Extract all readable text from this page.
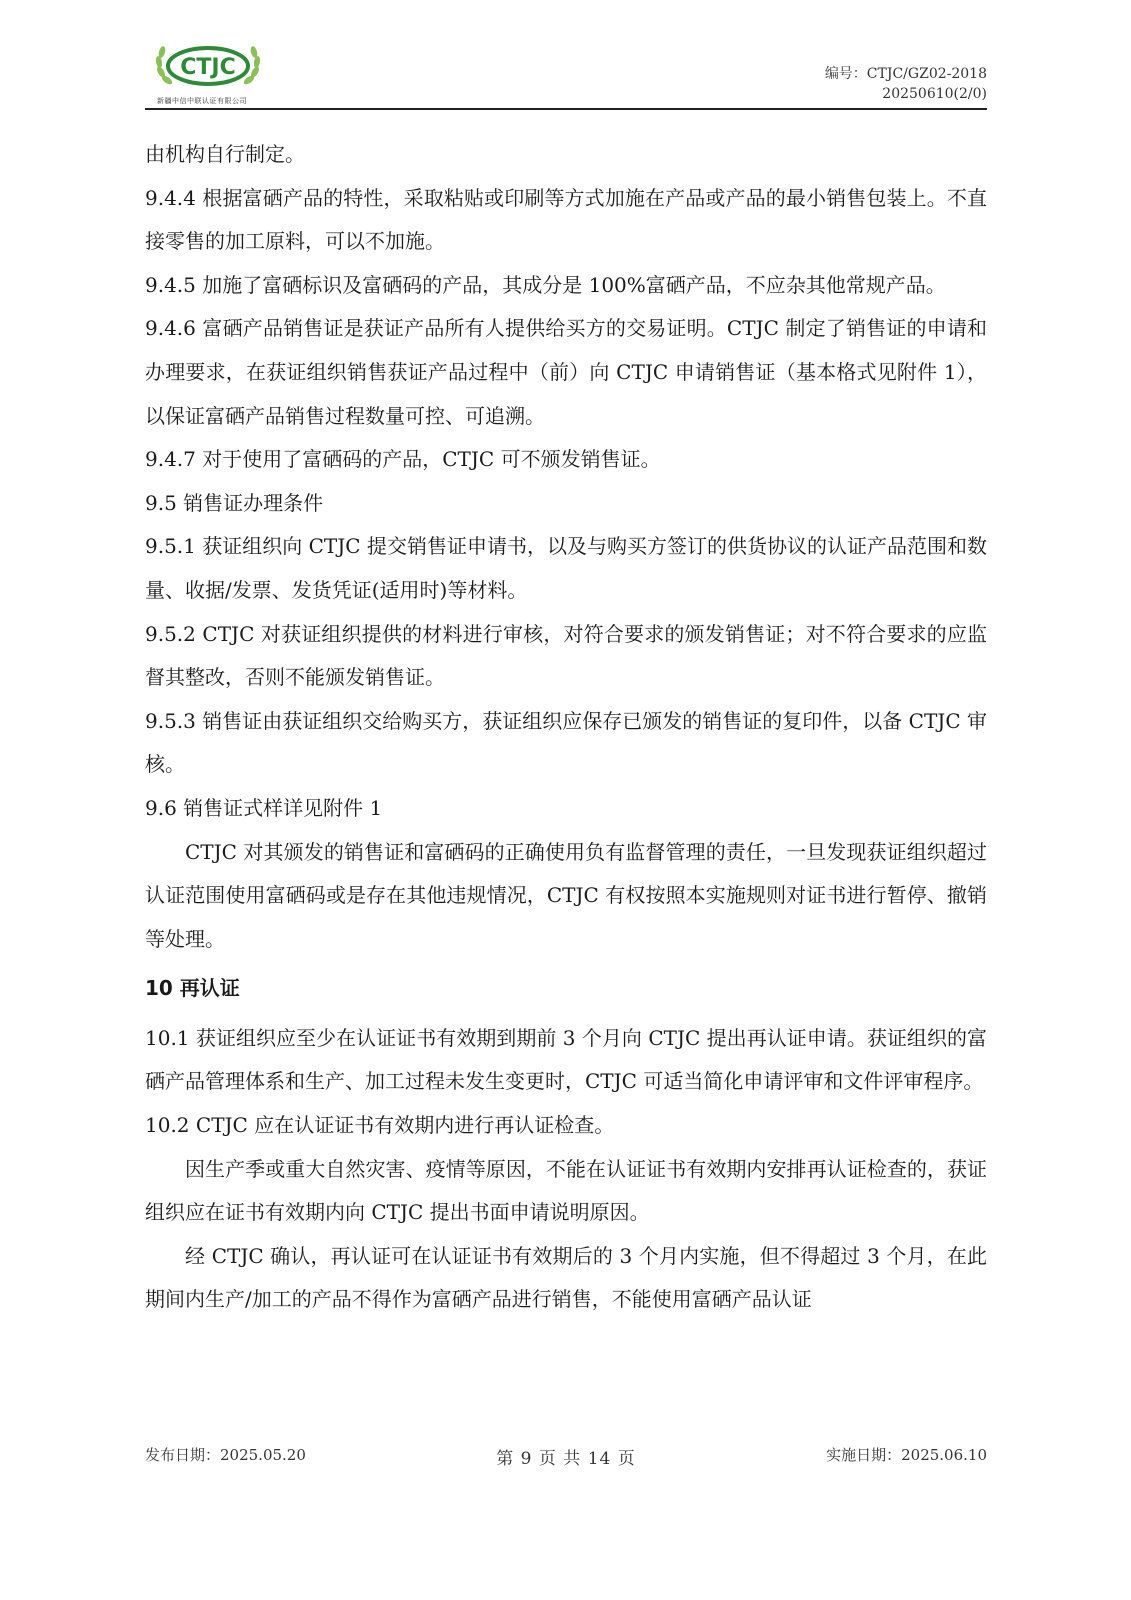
CTJC
新疆中信中联认证有限公司
编号：CTJC/GZ02-2018
20250610(2/0)

由机构自行制定。

9.4.4 根据富硒产品的特性，采取粘贴或印刷等方式加施在产品或产品的最小销售包装上。不直接零售的加工原料，可以不加施。

9.4.5 加施了富硒标识及富硒码的产品，其成分是 100%富硒产品，不应杂其他常规产品。

9.4.6 富硒产品销售证是获证产品所有人提供给买方的交易证明。CTJC 制定了销售证的申请和办理要求，在获证组织销售获证产品过程中（前）向 CTJC 申请销售证（基本格式见附件 1），以保证富硒产品销售过程数量可控、可追溯。

9.4.7 对于使用了富硒码的产品，CTJC 可不颁发销售证。

9.5 销售证办理条件

9.5.1 获证组织向 CTJC 提交销售证申请书，以及与购买方签订的供货协议的认证产品范围和数量、收据/发票、发货凭证(适用时)等材料。

9.5.2 CTJC 对获证组织提供的材料进行审核，对符合要求的颁发销售证；对不符合要求的应监督其整改，否则不能颁发销售证。

9.5.3 销售证由获证组织交给购买方，获证组织应保存已颁发的销售证的复印件，以备 CTJC 审核。

9.6 销售证式样详见附件 1

CTJC 对其颁发的销售证和富硒码的正确使用负有监督管理的责任，一旦发现获证组织超过认证范围使用富硒码或是存在其他违规情况，CTJC 有权按照本实施规则对证书进行暂停、撤销等处理。

10 再认证

10.1 获证组织应至少在认证证书有效期到期前 3 个月向 CTJC 提出再认证申请。获证组织的富硒产品管理体系和生产、加工过程未发生变更时，CTJC 可适当简化申请评审和文件评审程序。

10.2 CTJC 应在认证证书有效期内进行再认证检查。

因生产季或重大自然灾害、疫情等原因，不能在认证证书有效期内安排再认证检查的，获证组织应在证书有效期内向 CTJC 提出书面申请说明原因。

经 CTJC 确认，再认证可在认证证书有效期后的 3 个月内实施，但不得超过 3 个月，在此期间内生产/加工的产品不得作为富硒产品进行销售，不能使用富硒产品认证

发布日期：2025.05.20	第 9 页 共 14 页	实施日期：2025.06.10
